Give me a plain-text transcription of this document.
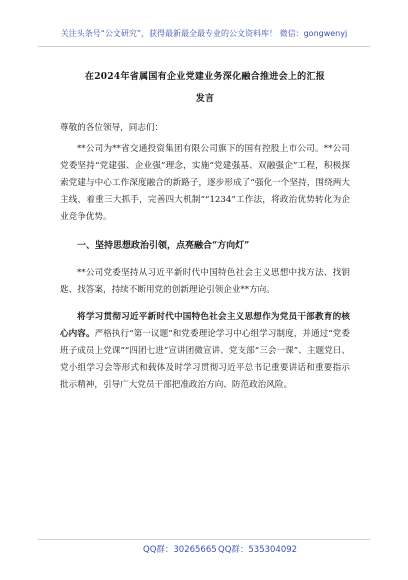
关注头条号“公文研究”，获得最新最全最专业的公文资料库！ 微信：gongwenyj
在2024年省属国有企业党建业务深化融合推进会上的汇报
发言

尊敬的各位领导，同志们：

**公司为**省交通投资集团有限公司旗下的国有控股上市公司。**公司党委坚持“党建强、企业强”理念，实施“党建强基、双融强企”工程，积极探索党建与中心工作深度融合的新路子，逐步形成了“强化一个坚持，围绕两大主线，着重三大抓手，完善四大机制”“1234”工作法，将政治优势转化为企业竞争优势。

一、坚持思想政治引领，点亮融合“方向灯”

**公司党委坚持从习近平新时代中国特色社会主义思想中找方法、找钥匙、找答案，持续不断用党的创新理论引领企业**方向。

将学习贯彻习近平新时代中国特色社会主义思想作为党员干部教育的核心内容。严格执行“第一议题”和党委理论学习中心组学习制度，并通过“党委班子成员上党课”“四团七进”宣讲团微宣讲、党支部“三会一课”、主题党日、党小组学习会等形式和载体及时学习贯彻习近平总书记重要讲话和重要指示批示精神，引导广大党员干部把准政治方向、防范政治风险。

QQ群：30265665 QQ群：535304092
